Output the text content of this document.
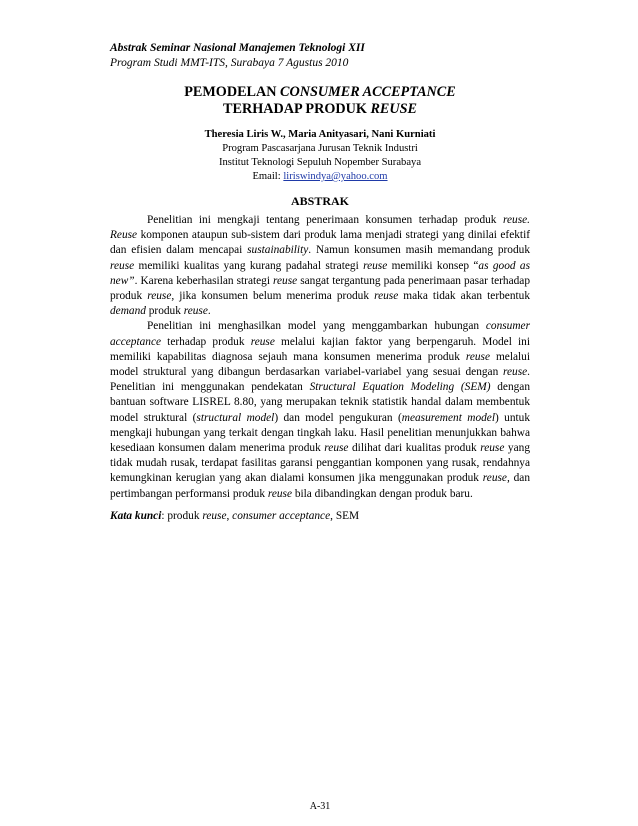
Abstrak Seminar Nasional Manajemen Teknologi XII
Program Studi MMT-ITS, Surabaya 7 Agustus 2010
PEMODELAN CONSUMER ACCEPTANCE
TERHADAP PRODUK REUSE
Theresia Liris W., Maria Anityasari, Nani Kurniati
Program Pascasarjana Jurusan Teknik Industri
Institut Teknologi Sepuluh Nopember Surabaya
Email: liriswindya@yahoo.com
ABSTRAK

Penelitian ini mengkaji tentang penerimaan konsumen terhadap produk reuse. Reuse komponen ataupun sub-sistem dari produk lama menjadi strategi yang dinilai efektif dan efisien dalam mencapai sustainability. Namun konsumen masih memandang produk reuse memiliki kualitas yang kurang padahal strategi reuse memiliki konsep “as good as new”. Karena keberhasilan strategi reuse sangat tergantung pada penerimaan pasar terhadap produk reuse, jika konsumen belum menerima produk reuse maka tidak akan terbentuk demand produk reuse.

Penelitian ini menghasilkan model yang menggambarkan hubungan consumer acceptance terhadap produk reuse melalui kajian faktor yang berpengaruh. Model ini memiliki kapabilitas diagnosa sejauh mana konsumen menerima produk reuse melalui model struktural yang dibangun berdasarkan variabel-variabel yang sesuai dengan reuse. Penelitian ini menggunakan pendekatan Structural Equation Modeling (SEM) dengan bantuan software LISREL 8.80, yang merupakan teknik statistik handal dalam membentuk model struktural (structural model) dan model pengukuran (measurement model) untuk mengkaji hubungan yang terkait dengan tingkah laku. Hasil penelitian menunjukkan bahwa kesediaan konsumen dalam menerima produk reuse dilihat dari kualitas produk reuse yang tidak mudah rusak, terdapat fasilitas garansi penggantian komponen yang rusak, rendahnya kemungkinan kerugian yang akan dialami konsumen jika menggunakan produk reuse, dan pertimbangan performansi produk reuse bila dibandingkan dengan produk baru.

Kata kunci: produk reuse, consumer acceptance, SEM

A-31
